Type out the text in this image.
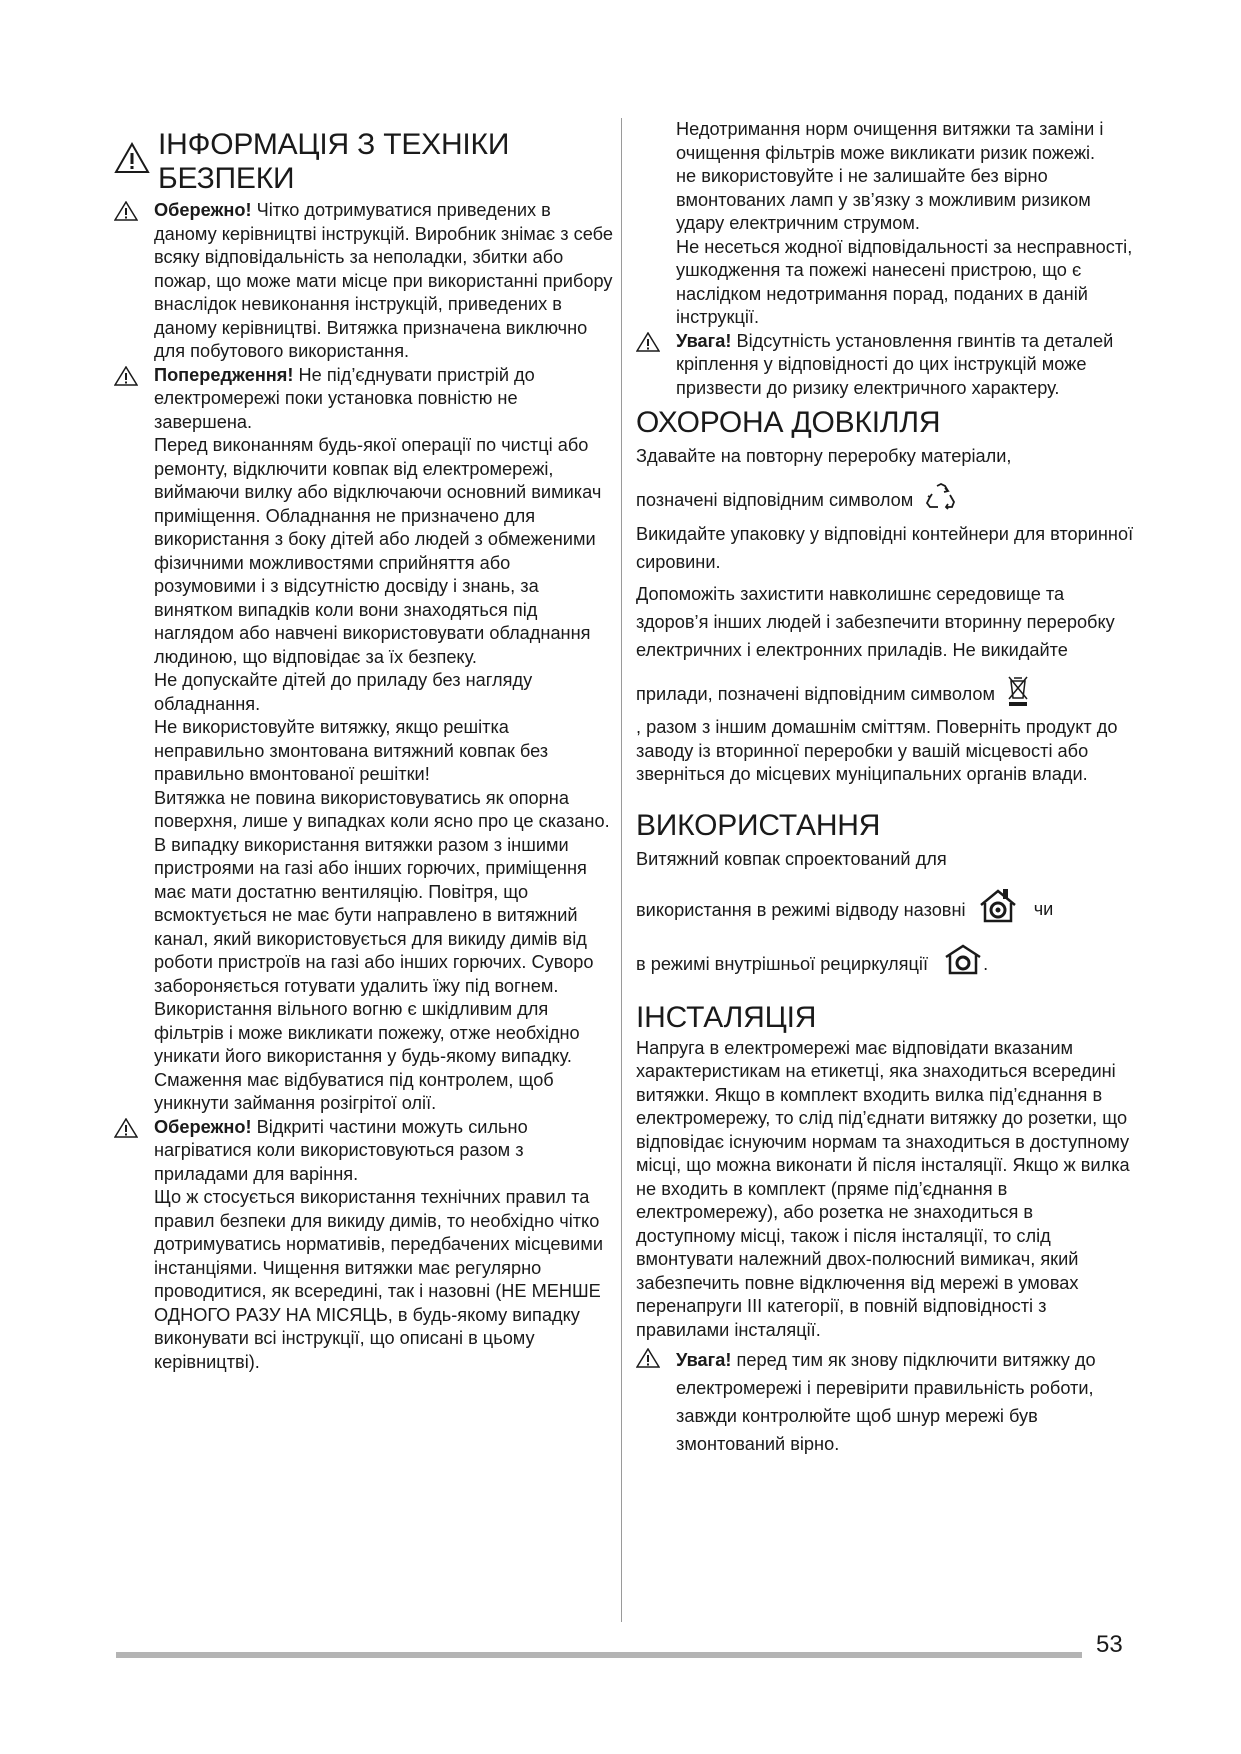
ІНФОРМАЦІЯ З ТЕХНІКИ БЕЗПЕКИ

Обережно! Чітко дотримуватися приведених в даному керівництві інструкцій. Виробник знімає з себе всяку відповідальність за неполадки, збитки або пожар, що може мати місце при використанні прибору внаслідок невиконання інструкцій, приведених в даному керівництві. Витяжка призначена виключно для побутового використання.

Попередження! Не під’єднувати пристрій до електромережі поки установка повністю не завершена.

Перед виконанням будь-якої операції по чистці або ремонту, відключити ковпак від електромережі, виймаючи вилку або відключаючи основний вимикач приміщення. Обладнання не призначено для використання з боку дітей або людей з обмеженими фізичними можливостями сприйняття або розумовими і з відсутністю досвіду і знань, за винятком випадків коли вони знаходяться під наглядом або навчені використовувати обладнання людиною, що відповідає за їх безпеку.

Не допускайте дітей до приладу без нагляду обладнання.

Не використовуйте витяжку, якщо решітка неправильно змонтована витяжний ковпак без правильно вмонтованої решітки!

Витяжка не повина використовуватись як опорна поверхня, лише у випадках коли ясно про це сказано. В випадку використання витяжки разом з іншими пристроями на газі або інших горючих, приміщення має мати достатню вентиляцію. Повітря, що всмоктується не має бути направлено в витяжний канал, який використовується для викиду димів від роботи пристроїв на газі або інших горючих. Суворо забороняється готувати удалить їжу під вогнем.

Використання вільного вогню є шкідливим для фільтрів і може викликати пожежу, отже необхідно уникати його використання у будь-якому випадку.

Смаження має відбуватися під контролем, щоб уникнути займання розігрітої олії.

Обережно! Відкриті частини можуть сильно нагріватися коли використовуються разом з приладами для варіння.

Що ж стосується використання технічних правил та правил безпеки для викиду димів, то необхідно чітко дотримуватись нормативів, передбачених місцевими інстанціями. Чищення витяжки має регулярно проводитися, як всередині, так і назовні (НЕ МЕНШЕ ОДНОГО РАЗУ НА МІСЯЦЬ, в будь-якому випадку виконувати всі інструкції, що описані в цьому керівництві).

Недотримання норм очищення витяжки та заміни і очищення фільтрів може викликати ризик пожежі.

не використовуйте і не залишайте без вірно вмонтованих ламп у зв’язку з можливим ризиком удару електричним струмом.

Не несеться жодної відповідальності за несправності, ушкодження та пожежі нанесені пристрою, що є наслідком недотримання порад, поданих в даній інструкції.

Увага! Відсутність установлення гвинтів та деталей кріплення у відповідності до цих інструкцій може призвести до ризику електричного характеру.

ОХОРОНА ДОВКІЛЛЯ

Здавайте на повторну переробку матеріали,

позначені відповідним символом

Викидайте упаковку у відповідні контейнери для вторинної сировини.

Допоможіть захистити навколишнє середовище та здоров’я інших людей і забезпечити вторинну переробку електричних і електронних приладів. Не викидайте

прилади, позначені відповідним символом

, разом з іншим домашнім сміттям. Поверніть продукт до заводу із вторинної переробки у вашій місцевості або зверніться до місцевих муніципальних органів влади.

ВИКОРИСТАННЯ

Витяжний ковпак спроектований для

використання в режимі відводу назовні	чи

в режимі внутрішньої рециркуляції	.

ІНСТАЛЯЦІЯ

Напруга в електромережі має відповідати вказаним характеристикам на етикетці, яка знаходиться всередині витяжки. Якщо в комплект входить вилка під’єднання в електромережу, то слід під’єднати витяжку до розетки, що відповідає існуючим нормам та знаходиться в доступному місці, що можна виконати й після інсталяції. Якщо ж вилка не входить в комплект (пряме під’єднання в електромережу), або розетка не знаходиться в доступному місці, також і після інсталяції, то слід вмонтувати належний двох-полюсний вимикач, який забезпечить повне відключення від мережі в умовах перенапруги ІІІ категорії, в повній відповідності з правилами інсталяції.

Увага! перед тим як знову підключити витяжку до електромережі і перевірити правильність роботи, завжди контролюйте щоб шнур мережі був змонтований вірно.

53
